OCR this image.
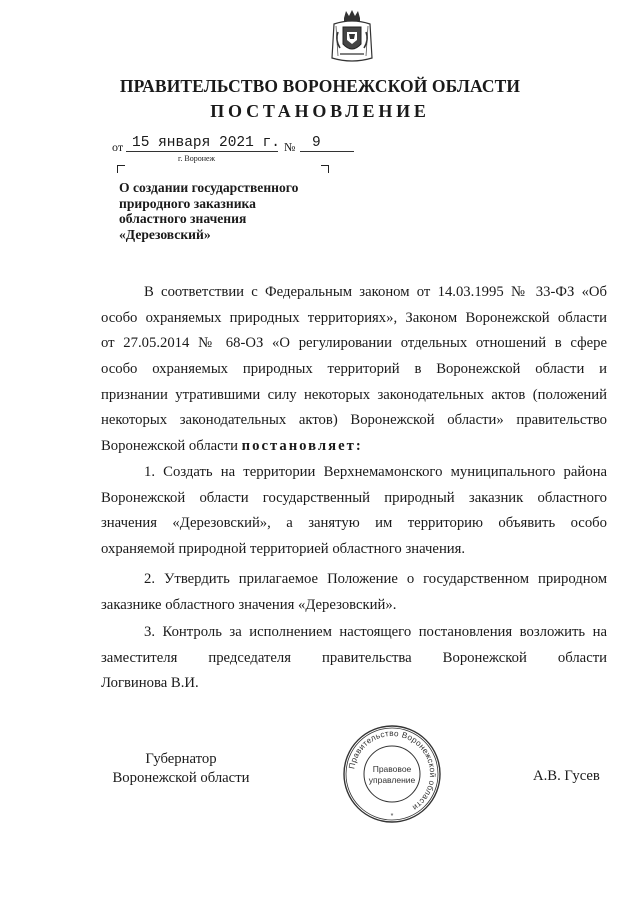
ПРАВИТЕЛЬСТВО ВОРОНЕЖСКОЙ ОБЛАСТИ
ПОСТАНОВЛЕНИЕ
от 15 января 2021 г. № 9
г. Воронеж
О создании государственного
природного заказника
областного значения
«Дерезовский»
В соответствии с Федеральным законом от 14.03.1995 № 33-ФЗ «Об
особо охраняемых природных территориях», Законом Воронежской области
от 27.05.2014 № 68-ОЗ «О регулировании отдельных отношений в сфере
особо охраняемых природных территорий в Воронежской области и
признании утратившими силу некоторых законодательных актов (положений
некоторых законодательных актов) Воронежской области» правительство
Воронежской области постановляет:
1. Создать на территории Верхнемамонского муниципального района
Воронежской области государственный природный заказник областного
значения «Дерезовский», а занятую им территорию объявить особо
охраняемой природной территорией областного значения.
2. Утвердить прилагаемое Положение о государственном природном
заказнике областного значения «Дерезовский».
3. Контроль за исполнением настоящего постановления возложить на
заместителя председателя правительства Воронежской области
Логвинова В.И.
Губернатор
Воронежской области	А.В. Гусев
Правительство Воронежской области
Правовое
управление
*
